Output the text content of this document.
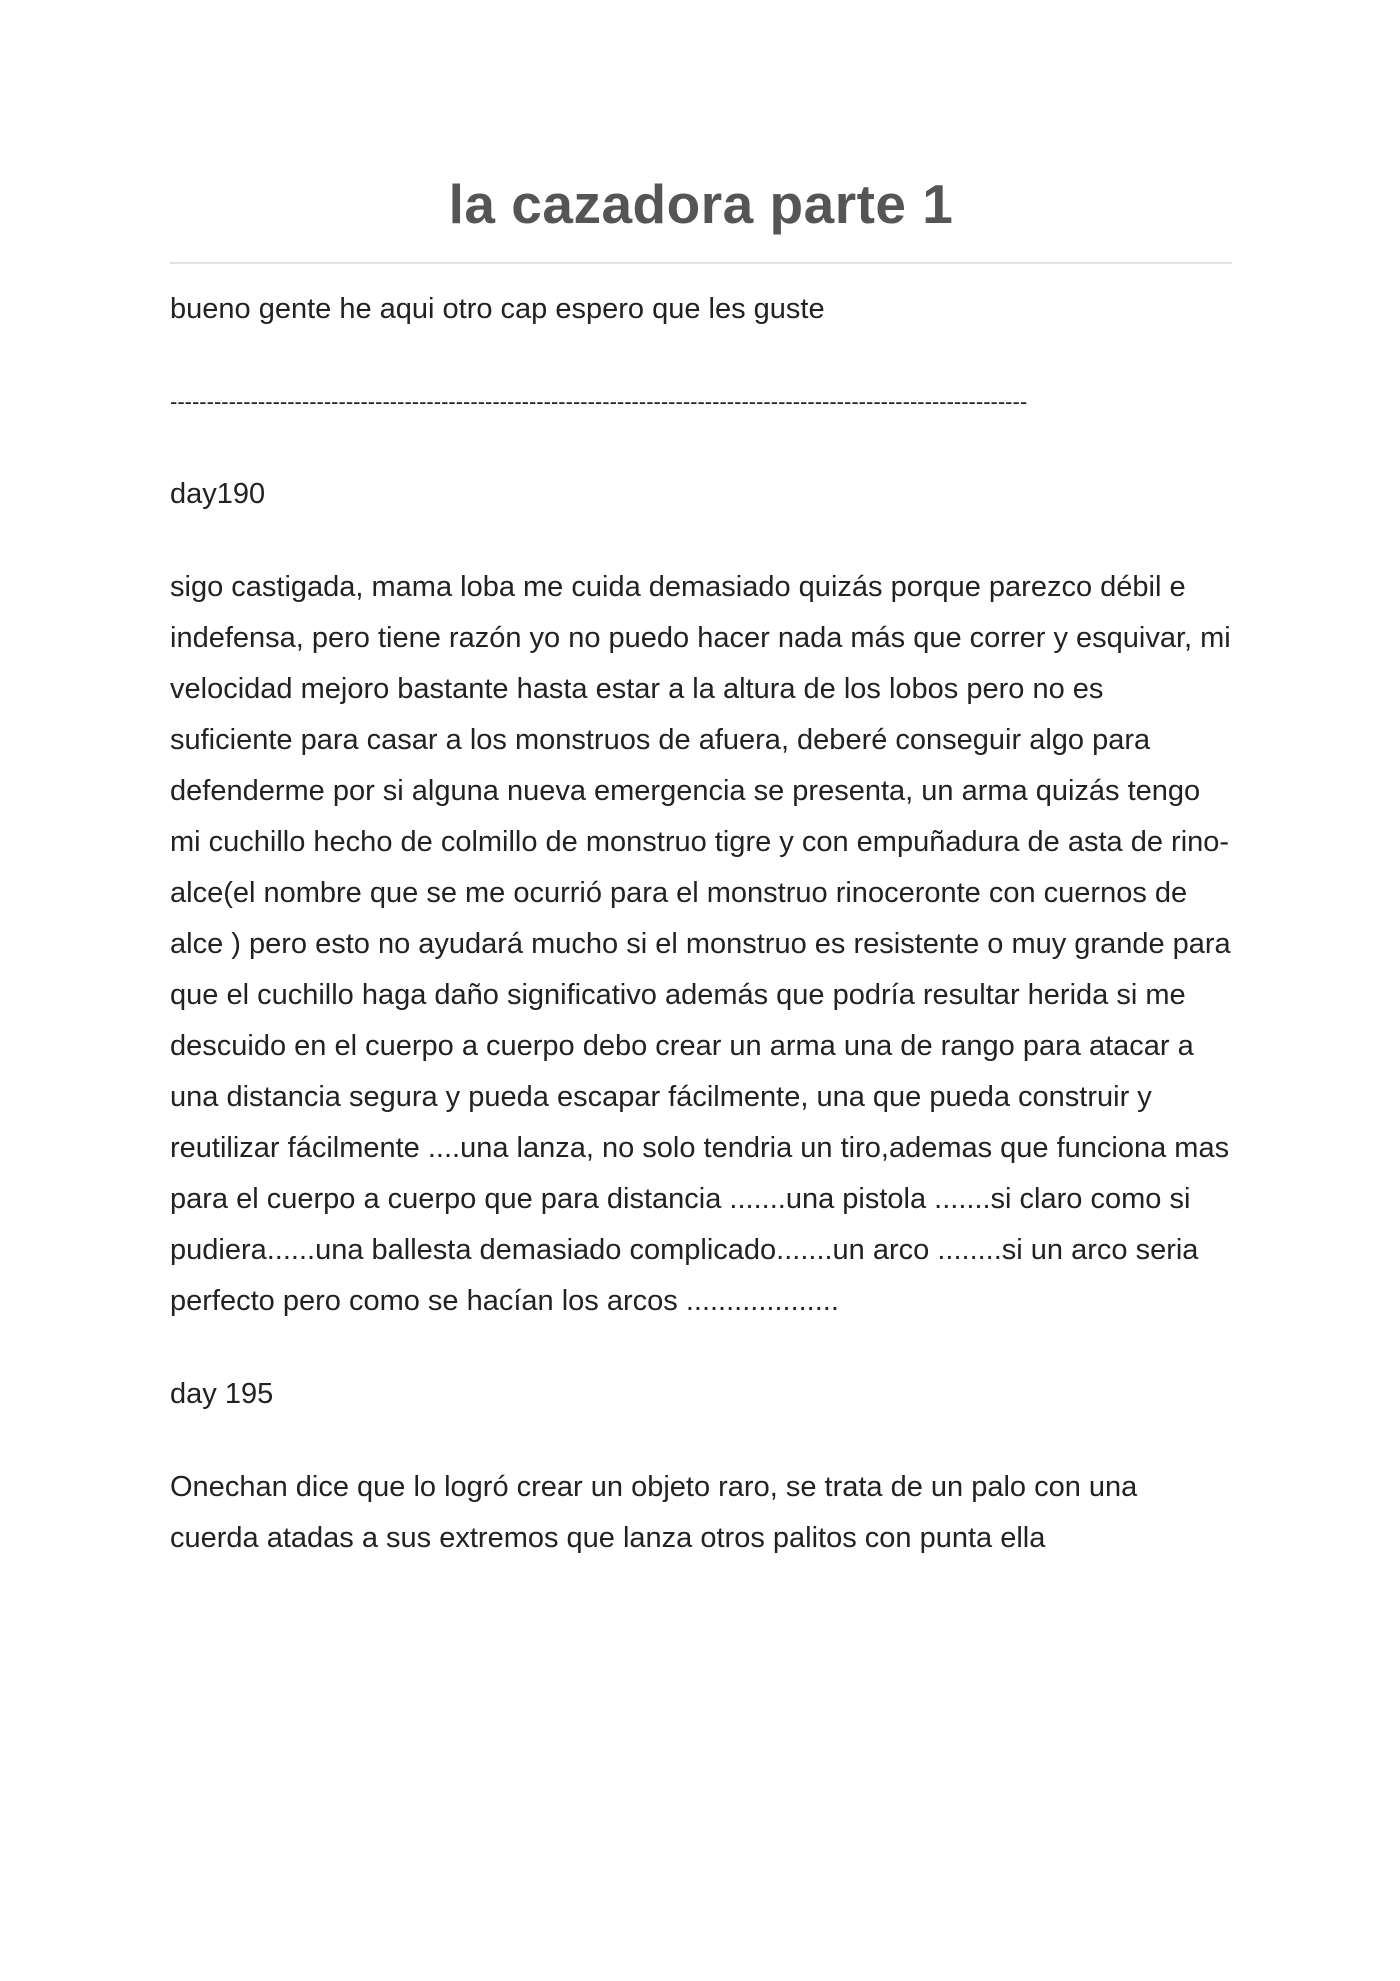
la cazadora parte 1

bueno gente he aqui otro cap espero que les guste

---------------------------------------------------------------------------------------------------------------------

day190

sigo castigada, mama loba me cuida demasiado quizás porque parezco débil e indefensa, pero tiene razón yo no puedo hacer nada más que correr y esquivar, mi velocidad mejoro bastante hasta estar a la altura de los lobos pero no es suficiente para casar a los monstruos de afuera, deberé conseguir algo para defenderme por si alguna nueva emergencia se presenta, un arma quizás tengo mi cuchillo hecho de colmillo de monstruo tigre y con empuñadura de asta de rino-alce(el nombre que se me ocurrió para el monstruo rinoceronte con cuernos de alce ) pero esto no ayudará mucho si el monstruo es resistente o muy grande para que el cuchillo haga daño significativo además que podría resultar herida si me descuido en el cuerpo a cuerpo debo crear un arma una de rango para atacar a una distancia segura y pueda escapar fácilmente, una que pueda construir y reutilizar fácilmente ....una lanza, no solo tendria un tiro,ademas que funciona mas para el cuerpo a cuerpo que para distancia .......una pistola .......si claro como si pudiera......una ballesta demasiado complicado.......un arco ........si un arco seria perfecto pero como se hacían los arcos ...................

day 195

Onechan dice que lo logró crear un objeto raro, se trata de un palo con una cuerda atadas a sus extremos que lanza otros palitos con punta ella
